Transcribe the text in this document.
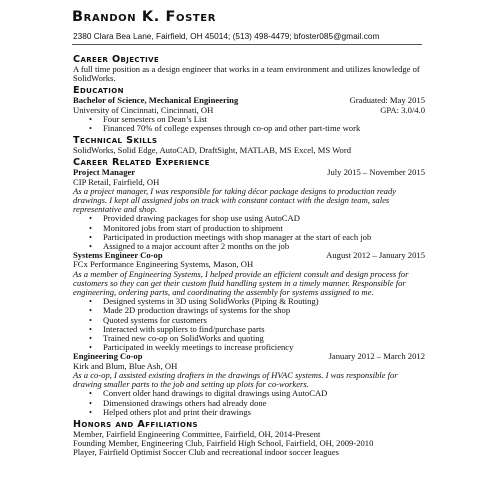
Brandon K. Foster
2380 Clara Bea Lane, Fairfield, OH 45014; (513) 498-4479; bfoster085@gmail.com
Career Objective
A full time position as a design engineer that works in a team environment and utilizes knowledge of SolidWorks.
Education
Bachelor of Science, Mechanical Engineering	Graduated: May 2015
University of Cincinnati, Cincinnati, OH	GPA: 3.0/4.0
• Four semesters on Dean’s List
• Financed 70% of college expenses through co-op and other part-time work
Technical Skills
SolidWorks, Solid Edge, AutoCAD, DraftSight, MATLAB, MS Excel, MS Word
Career Related Experience
Project Manager	July 2015 – November 2015
CIP Retail, Fairfield, OH
As a project manager, I was responsible for taking décor package designs to production ready drawings. I kept all assigned jobs on track with constant contact with the design team, sales representative and shop.
• Provided drawing packages for shop use using AutoCAD
• Monitored jobs from start of production to shipment
• Participated in production meetings with shop manager at the start of each job
• Assigned to a major account after 2 months on the job
Systems Engineer Co-op	August 2012 – January 2015
FCx Performance Engineering Systems, Mason, OH
As a member of Engineering Systems, I helped provide an efficient consult and design process for customers so they can get their custom fluid handling system in a timely manner. Responsible for engineering, ordering parts, and coordinating the assembly for systems assigned to me.
• Designed systems in 3D using SolidWorks (Piping & Routing)
• Made 2D production drawings of systems for the shop
• Quoted systems for customers
• Interacted with suppliers to find/purchase parts
• Trained new co-op on SolidWorks and quoting
• Participated in weekly meetings to increase proficiency
Engineering Co-op	January 2012 – March 2012
Kirk and Blum, Blue Ash, OH
As a co-op, I assisted existing drafters in the drawings of HVAC systems. I was responsible for drawing smaller parts to the job and setting up plots for co-workers.
• Convert older hand drawings to digital drawings using AutoCAD
• Dimensioned drawings others had already done
• Helped others plot and print their drawings
Honors and Affiliations
Member, Fairfield Engineering Committee, Fairfield, OH, 2014-Present
Founding Member, Engineering Club, Fairfield High School, Fairfield, OH, 2009-2010
Player, Fairfield Optimist Soccer Club and recreational indoor soccer leagues
